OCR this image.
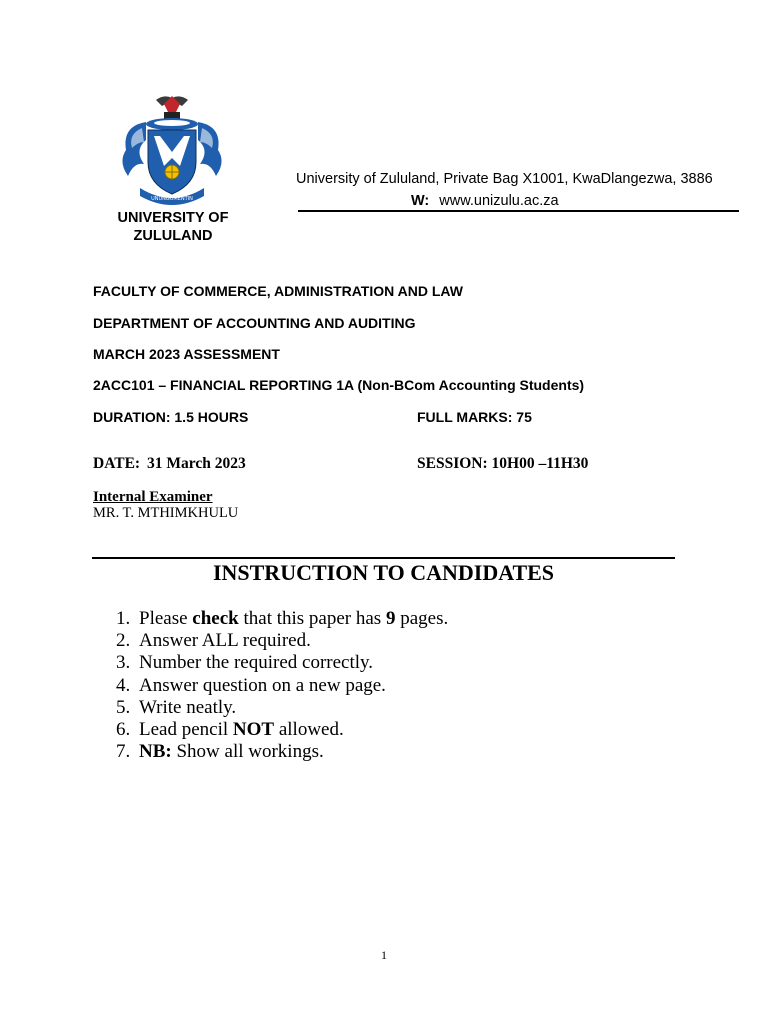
UNUNGUMENTIN
UNIVERSITY OF
ZULULAND
University of Zululand, Private Bag X1001, KwaDlangezwa, 3886
W: www.unizulu.ac.za
FACULTY OF COMMERCE, ADMINISTRATION AND LAW
DEPARTMENT OF ACCOUNTING AND AUDITING
MARCH 2023 ASSESSMENT
2ACC101 – FINANCIAL REPORTING 1A (Non-BCom Accounting Students)
DURATION: 1.5 HOURS	FULL MARKS: 75
DATE: 31 March 2023	SESSION: 10H00 –11H30
Internal Examiner
MR. T. MTHIMKHULU
INSTRUCTION TO CANDIDATES
1. Please check that this paper has 9 pages.
2. Answer ALL required.
3. Number the required correctly.
4. Answer question on a new page.
5. Write neatly.
6. Lead pencil NOT allowed.
7. NB: Show all workings.
1
